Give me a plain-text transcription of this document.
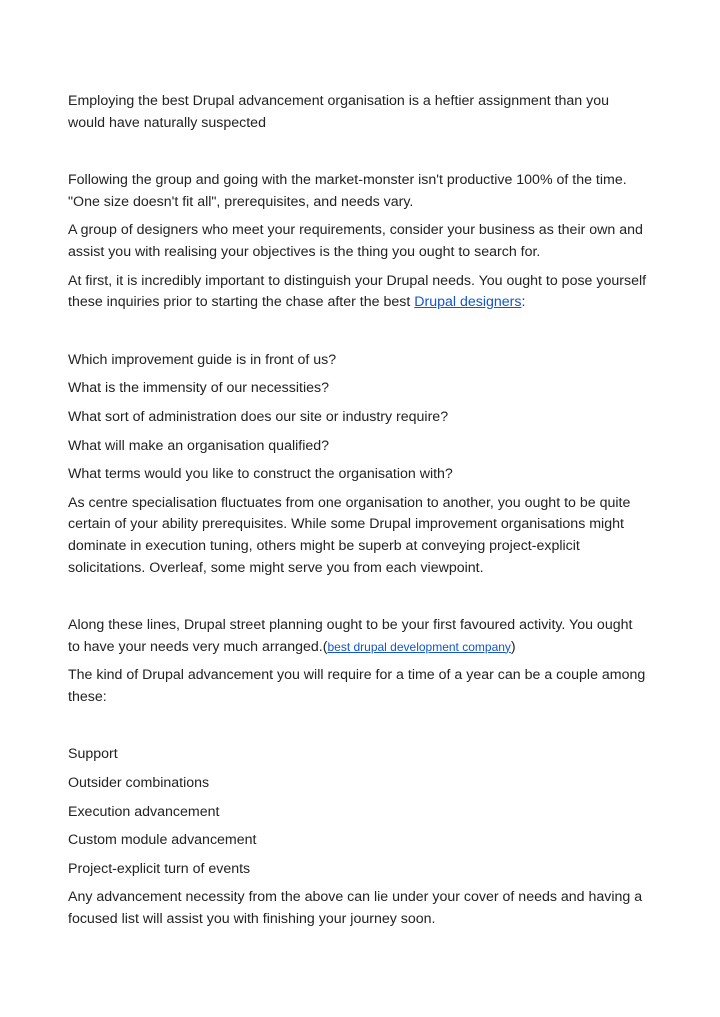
Employing the best Drupal advancement organisation is a heftier assignment than you would have naturally suspected

Following the group and going with the market-monster isn't productive 100% of the time. "One size doesn't fit all", prerequisites, and needs vary.

A group of designers who meet your requirements, consider your business as their own and assist you with realising your objectives is the thing you ought to search for.

At first, it is incredibly important to distinguish your Drupal needs. You ought to pose yourself these inquiries prior to starting the chase after the best Drupal designers:

Which improvement guide is in front of us?

What is the immensity of our necessities?

What sort of administration does our site or industry require?

What will make an organisation qualified?

What terms would you like to construct the organisation with?

As centre specialisation fluctuates from one organisation to another, you ought to be quite certain of your ability prerequisites. While some Drupal improvement organisations might dominate in execution tuning, others might be superb at conveying project-explicit solicitations. Overleaf, some might serve you from each viewpoint.

Along these lines, Drupal street planning ought to be your first favoured activity. You ought to have your needs very much arranged.(best drupal development company)

The kind of Drupal advancement you will require for a time of a year can be a couple among these:

Support

Outsider combinations

Execution advancement

Custom module advancement

Project-explicit turn of events

Any advancement necessity from the above can lie under your cover of needs and having a focused list will assist you with finishing your journey soon.
